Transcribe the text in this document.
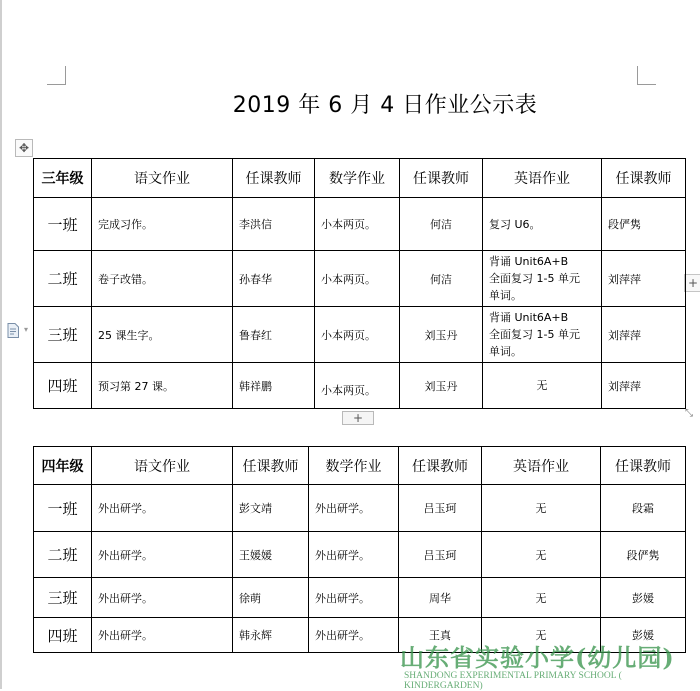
2019 年 6 月 4 日作业公示表
✥
+
+	⤡
▾
三年级	语文作业	任课教师	数学作业	任课教师	英语作业	任课教师
一班	完成习作。	李洪信	小本两页。	何洁	复习 U6。	段俨隽
二班	卷子改错。	孙春华	小本两页。	何洁	背诵 Unit6A+B
全面复习 1-5 单元
单词。	刘萍萍
三班	25 课生字。	鲁春红	小本两页。	刘玉丹	背诵 Unit6A+B
全面复习 1-5 单元
单词。	刘萍萍
四班	预习第 27 课。	韩祥鹏	小本两页。	刘玉丹	无	刘萍萍
四年级	语文作业	任课教师	数学作业	任课教师	英语作业	任课教师
一班	外出研学。	彭文靖	外出研学。	吕玉珂	无	段霜
二班	外出研学。	王媛媛	外出研学。	吕玉珂	无	段俨隽
三班	外出研学。	徐萌	外出研学。	周华	无	彭媛
四班	外出研学。	韩永辉	外出研学。	王真	无	彭媛
山东省实验小学(幼儿园)
SHANDONG EXPERIMENTAL PRIMARY SCHOOL ( KINDERGARDEN)
